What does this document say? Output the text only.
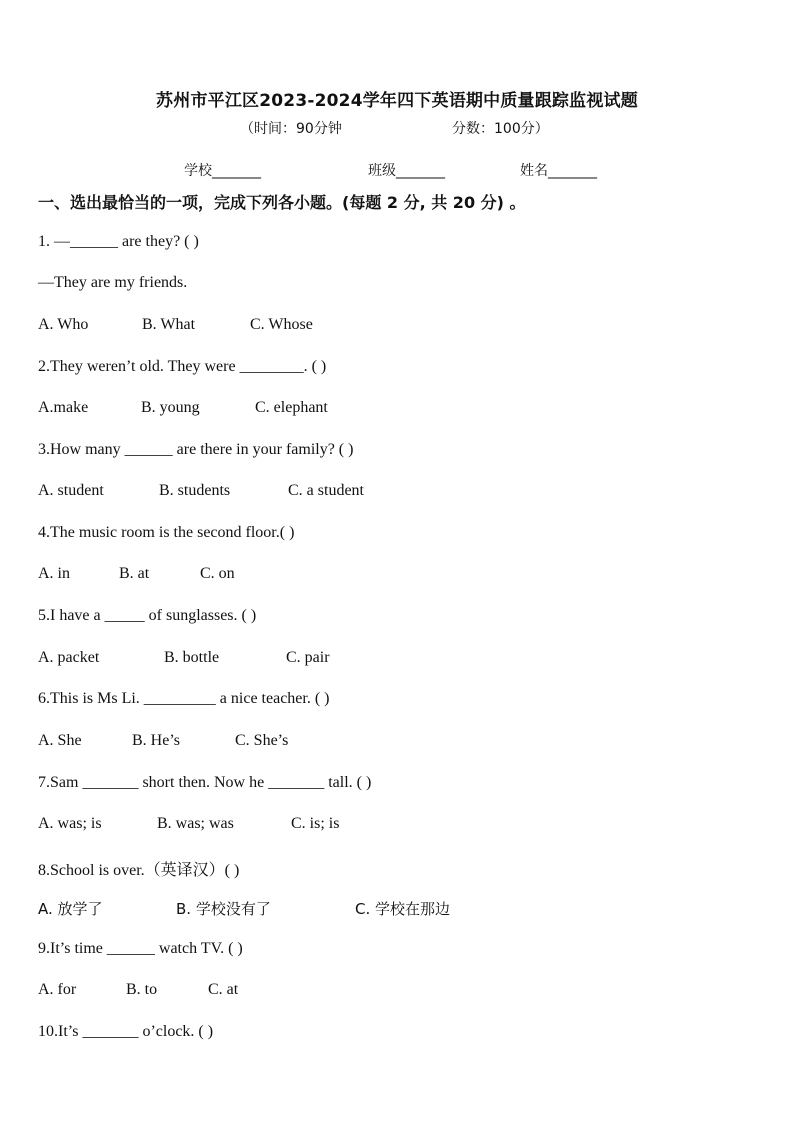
苏州市平江区2023-2024学年四下英语期中质量跟踪监视试题
（时间：90分钟	分数：100分）
学校_______	班级_______	姓名_______
一、选出最恰当的一项，完成下列各小题。(每题 2 分, 共 20 分) 。
1. —______ are they? ( )
—They are my friends.
A. Who	B. What	C. Whose
2.They weren’t old. They were ________. ( )
A.make	B. young	C. elephant
3.How many ______ are there in your family? ( )
A. student	B. students	C. a student
4.The music room is the second floor.( )
A. in	B. at	C. on
5.I have a _____ of sunglasses. ( )
A. packet	B. bottle	C. pair
6.This is Ms Li. _________ a nice teacher. ( )
A. She	B. He’s	C. She’s
7.Sam _______ short then. Now he _______ tall. ( )
A. was; is	B. was; was	C. is; is
8.School is over.（英译汉）( )
A. 放学了	B. 学校没有了	C. 学校在那边
9.It’s time ______ watch TV. ( )
A. for	B. to	C. at
10.It’s _______ o’clock. ( )
